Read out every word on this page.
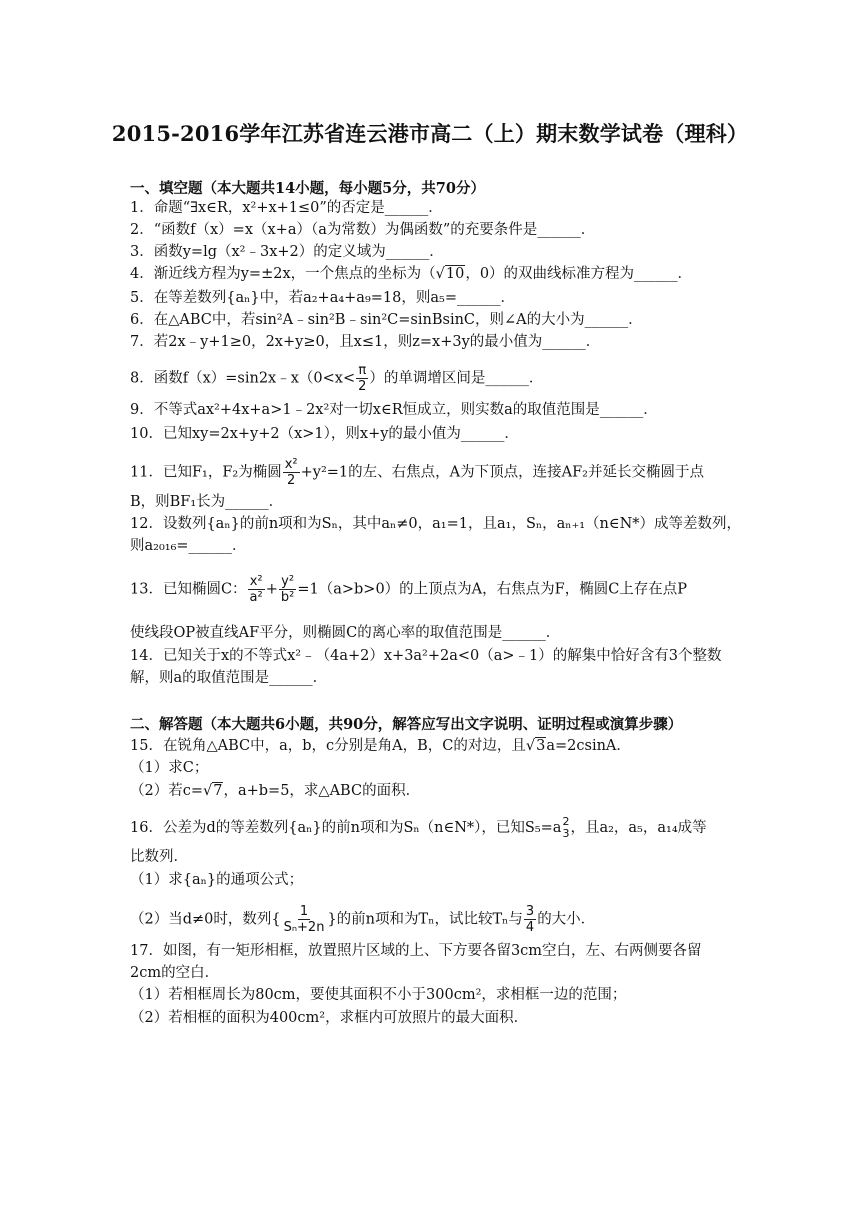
2015-2016学年江苏省连云港市高二（上）期末数学试卷（理科）
一、填空题（本大题共14小题，每小题5分，共70分）
1．命题“∃x∈R，x²+x+1≤0”的否定是______．
2．“函数f（x）=x（x+a）（a为常数）为偶函数”的充要条件是______．
3．函数y=lg（x²﹣3x+2）的定义域为______．
4．渐近线方程为y=±2x，一个焦点的坐标为（√10，0）的双曲线标准方程为______．
5．在等差数列{aₙ}中，若a₂+a₄+a₉=18，则a₅=______．
6．在△ABC中，若sin²A﹣sin²B﹣sin²C=sinBsinC，则∠A的大小为______．
7．若2x﹣y+1≥0，2x+y≥0，且x≤1，则z=x+3y的最小值为______．
8．函数f（x）=sin2x﹣x（0<x< $\frac{\pi}{2}$ ）的单调增区间是______．
9．不等式ax²+4x+a>1﹣2x²对一切x∈R恒成立，则实数a的取值范围是______．
10．已知xy=2x+y+2（x>1），则x+y的最小值为______．
11．已知F₁，F₂为椭圆 $\frac{\text{x²}}{2} +y^2=1$的左、右焦点，A为下顶点，连接AF₂并延长交椭圆于点
B，则BF₁长为______．
12．设数列{aₙ}的前n项和为Sₙ，其中aₙ≠0，a₁=1，且a₁，Sₙ，aₙ₊₁（n∈N*）成等差数列，
则a₂₀₁₆=______．
13．已知椭圆C： $\frac{\text{x²}}{\text{a²}} + \frac{\text{y²}}{\text{b²}} =1(a>b>0)$的上顶点为A，右焦点为F，椭圆C上存在点P
使线段OP被直线AF平分，则椭圆C的离心率的取值范围是______．
14．已知关于x的不等式x²﹣（4a+2）x+3a²+2a<0（a>﹣1）的解集中恰好含有3个整数
解，则a的取值范围是______．
二、解答题（本大题共6小题，共90分，解答应写出文字说明、证明过程或演算步骤）
15．在锐角△ABC中，a，b，c分别是角A，B，C的对边，且√3a=2csinA．
（1）求C；
（2）若c=√7，a+b=5，求△ABC的面积．
16．公差为d的等差数列{aₙ}的前n项和为Sₙ（n∈N*），已知S₅=a 2
3 ，且a₂，a₅，a₁₄成等
比数列．
（1）求{aₙ}的通项公式；
（2）当d≠0时，数列{ $\frac{1}{\text{Sₙ+2n}}$ }的前n项和为Tₙ，试比较Tₙ与 $\frac{3}{4}$ 的大小．
17．如图，有一矩形相框，放置照片区域的上、下方要各留3cm空白，左、右两侧要各留
2cm的空白．
（1）若相框周长为80cm，要使其面积不小于300cm²，求相框一边的范围；
（2）若相框的面积为400cm²，求框内可放照片的最大面积．
